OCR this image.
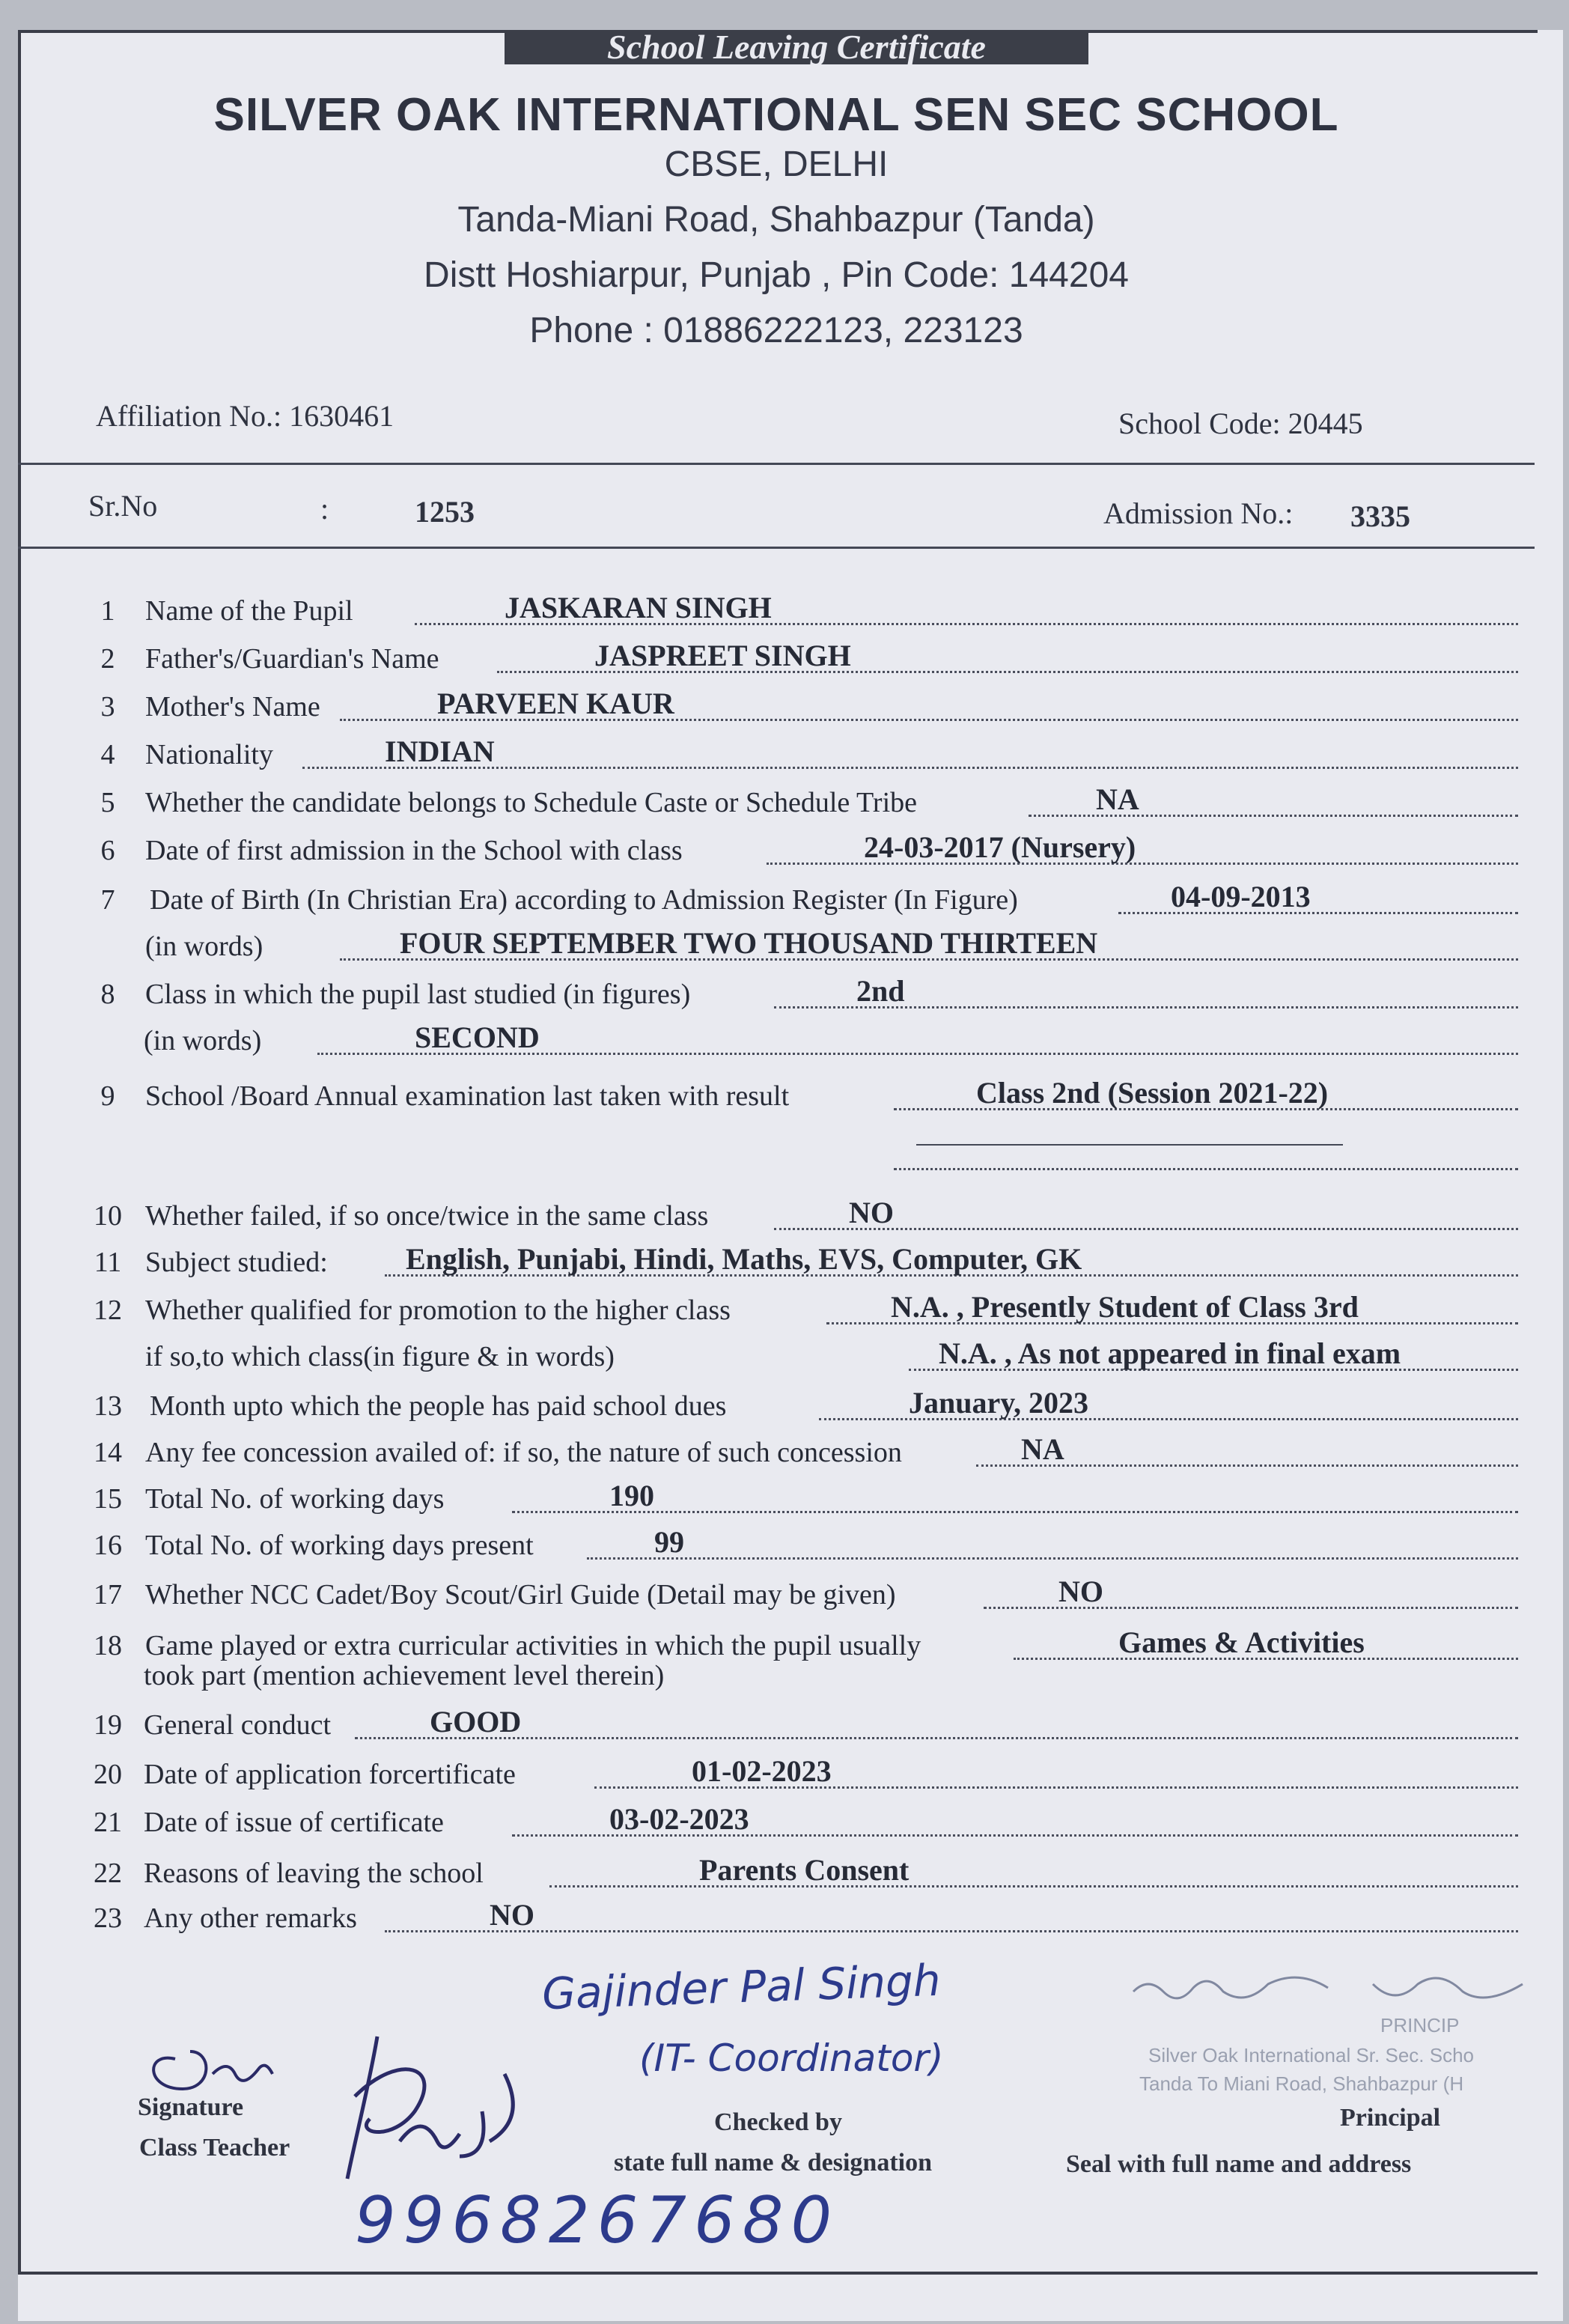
School Leaving Certificate
SILVER OAK INTERNATIONAL SEN SEC SCHOOL
CBSE, DELHI
Tanda-Miani Road, Shahbazpur (Tanda)
Distt Hoshiarpur, Punjab , Pin Code: 144204
Phone : 01886222123, 223123
Affiliation No.: 1630461	School Code: 20445
Sr.No	:	1253	Admission No.: 3335
1	Name of the Pupil	JASKARAN SINGH
2	Father's/Guardian's Name	JASPREET SINGH
3	Mother's Name	PARVEEN KAUR
4	Nationality	INDIAN
5	Whether the candidate belongs to Schedule Caste or Schedule Tribe	NA
6	Date of first admission in the School with class	24-03-2017 (Nursery)
7	Date of Birth (In Christian Era) according to Admission Register (In Figure)	04-09-2013
(in words)	FOUR SEPTEMBER TWO THOUSAND THIRTEEN
8	Class in which the pupil last studied (in figures)	2nd
(in words)	SECOND
9	School /Board Annual examination last taken with result	Class 2nd (Session 2021-22)
10 Whether failed, if so once/twice in the same class	NO
11 Subject studied:	English, Punjabi, Hindi, Maths, EVS, Computer, GK
12 Whether qualified for promotion to the higher class	N.A. , Presently Student of Class 3rd
if so,to which class(in figure & in words)	N.A. , As not appeared in final exam
13 Month upto which the people has paid school dues	January, 2023
14 Any fee concession availed of: if so, the nature of such concession	NA
15 Total No. of working days	190
16 Total No. of working days present	99
17 Whether NCC Cadet/Boy Scout/Girl Guide (Detail may be given)	NO
18 Game played or extra curricular activities in which the pupil usually	Games & Activities
took part (mention achievement level therein)
19 General conduct	GOOD
20 Date of application forcertificate	01-02-2023
21 Date of issue of certificate	03-02-2023
22 Reasons of leaving the school	Parents Consent
23 Any other remarks	NO
Gajinder Pal Singh
(IT- Coordinator)
PRINCIP
Silver Oak International Sr. Sec. Scho
Tanda To Miani Road, Shahbazpur (H
Signature
Class Teacher
Checked by
state full name & designation
Principal
Seal with full name and address
9968267680
